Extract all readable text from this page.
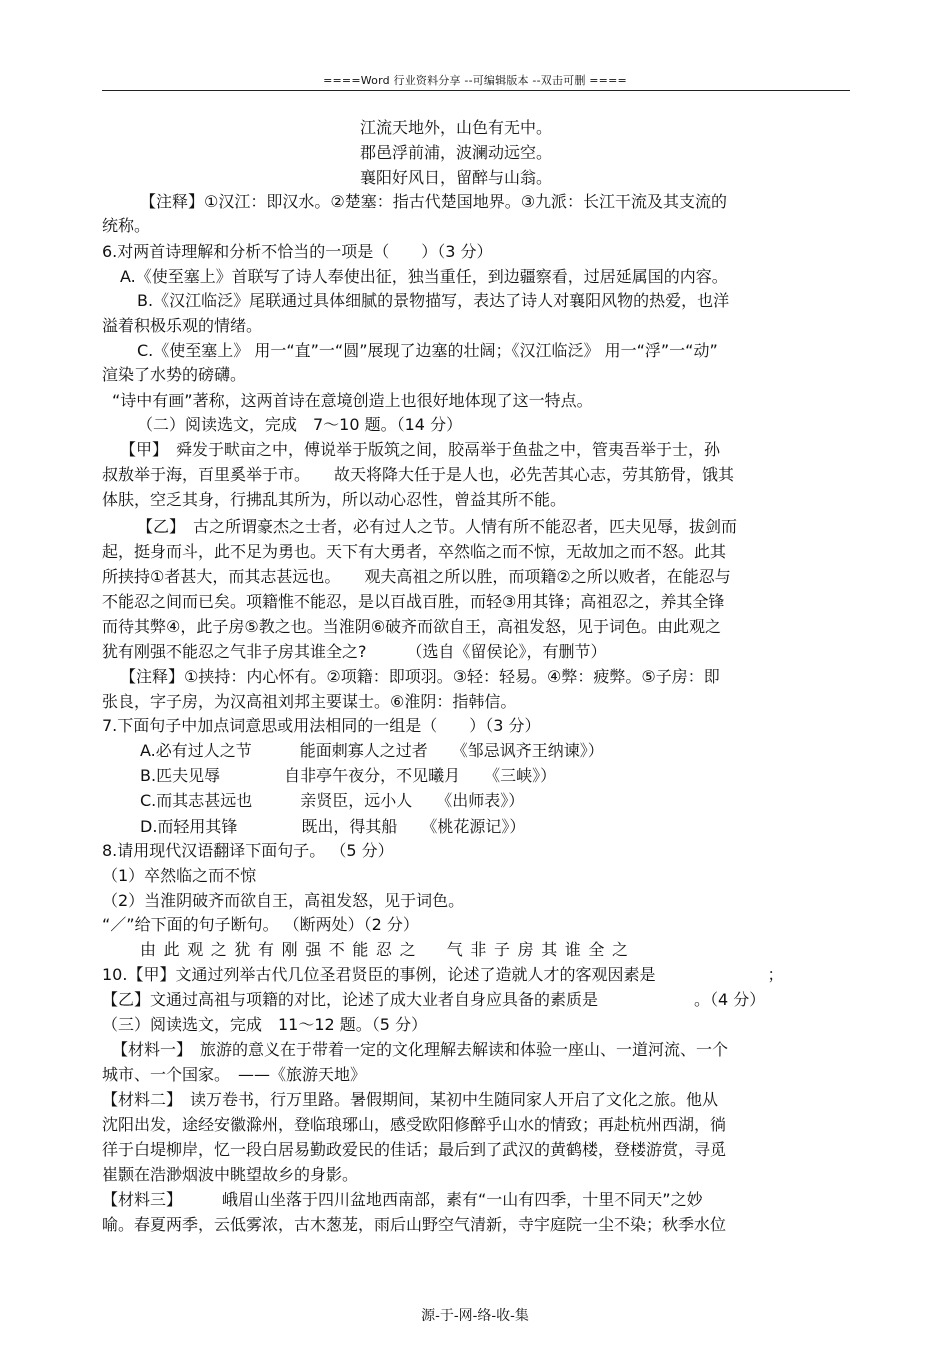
====Word 行业资料分享 --可编辑版本 --双击可删 ====
江流天地外，山色有无中。
郡邑浮前浦，波澜动远空。
襄阳好风日，留醉与山翁。
【注释】①汉江：即汉水。②楚塞：指古代楚国地界。③九派：长江干流及其支流的
统称。
6.对两首诗理解和分析不恰当的一项是（　　）（3 分）
A.《使至塞上》首联写了诗人奉使出征，独当重任，到边疆察看，过居延属国的内容。
B.《汉江临泛》尾联通过具体细腻的景物描写，表达了诗人对襄阳风物的热爱，也洋
溢着积极乐观的情绪。
C.《使至塞上》 用一“直”一“圆”展现了边塞的壮阔；《汉江临泛》 用一“浮”一“动”
渲染了水势的磅礴。
“诗中有画”著称，这两首诗在意境创造上也很好地体现了这一特点。
（二）阅读选文，完成　7～10 题。（14 分）
【甲】　舜发于畎亩之中，傅说举于版筑之间，胶鬲举于鱼盐之中，管夷吾举于士，孙
叔敖举于海，百里奚举于市。　　故天将降大任于是人也，必先苦其心志，劳其筋骨，饿其
体肤，空乏其身，行拂乱其所为，所以动心忍性，曾益其所不能。
【乙】　古之所谓豪杰之士者，必有过人之节。人情有所不能忍者，匹夫见辱，拔剑而
起，挺身而斗，此不足为勇也。天下有大勇者，卒然临之而不惊，无故加之而不怒。此其
所挟持①者甚大，而其志甚远也。　　观夫高祖之所以胜，而项籍②之所以败者，在能忍与
不能忍之间而已矣。项籍惟不能忍，是以百战百胜，而轻③用其锋；高祖忍之，养其全锋
而待其弊④，此子房⑤教之也。当淮阴⑥破齐而欲自王，高祖发怒，见于词色。由此观之
犹有刚强不能忍之气非子房其谁全之?　　　（选自《留侯论》，有删节）
【注释】①挟持：内心怀有。②项籍：即项羽。③轻：轻易。④弊：疲弊。⑤子房：即
张良，字子房，为汉高祖刘邦主要谋士。⑥淮阴：指韩信。
7.下面句子中加点词意思或用法相同的一组是（　　）（3 分）
A.必有过人之节　　　能面刺寡人之过者　　《邹忌讽齐王纳谏》）
B.匹夫见辱　　　　自非亭午夜分，不见曦月　　《三峡》）
C.而其志甚远也　　　亲贤臣，远小人　　《出师表》）
D.而轻用其锋　　　　既出，得其船　　《桃花源记》）
8.请用现代汉语翻译下面句子。 （5 分）
（1）卒然临之而不惊
（2）当淮阴破齐而欲自王，高祖发怒，见于词色。
“／”给下面的句子断句。 （断两处）（2 分）
由此观之犹有刚强不能忍之　气非子房其谁全之
10.【甲】文通过列举古代几位圣君贤臣的事例，论述了造就人才的客观因素是　　　　　　　；
【乙】文通过高祖与项籍的对比，论述了成大业者自身应具备的素质是　　　　　　。（4 分）
（三）阅读选文，完成　11～12 题。（5 分）
【材料一】　旅游的意义在于带着一定的文化理解去解读和体验一座山、一道河流、一个
城市、一个国家。　——《旅游天地》
【材料二】　读万卷书，行万里路。暑假期间，某初中生随同家人开启了文化之旅。他从
沈阳出发，途经安徽滁州，登临琅琊山，感受欧阳修醉乎山水的情致；再赴杭州西湖，徜
徉于白堤柳岸，忆一段白居易勤政爱民的佳话；最后到了武汉的黄鹤楼，登楼游赏，寻觅
崔颢在浩渺烟波中眺望故乡的身影。
【材料三】　　　峨眉山坐落于四川盆地西南部，素有“一山有四季，十里不同天”之妙
喻。春夏两季，云低雾浓，古木葱茏，雨后山野空气清新，寺宇庭院一尘不染；秋季水位
源-于-网-络-收-集
